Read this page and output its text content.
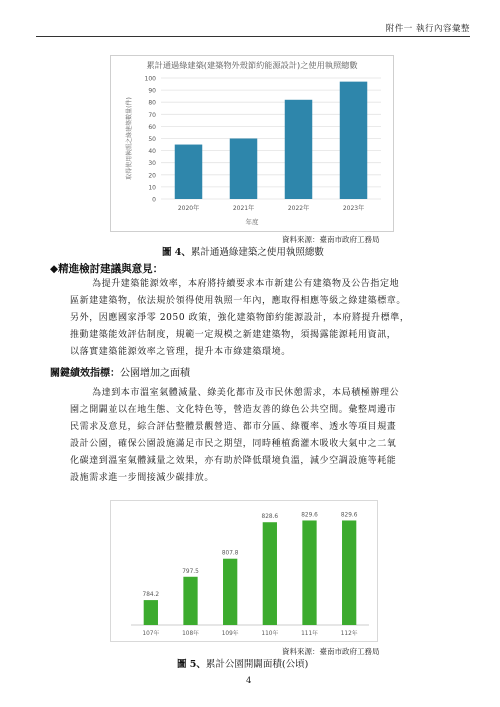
附件一 執行內容彙整
累計通過綠建築(建築物外殼節約能源設計)之使用執照總數
0
10
20
30
40
50
60
70
80
90
100
2020年	2021年	2022年	2023年
年度
取得使用執照之綠建築數量(件)
資料來源：臺南市政府工務局
圖 4、累計通過綠建築之使用執照總數
◆精進檢討建議與意見：
為提升建築能源效率，本府將持續要求本市新建公有建築物及公告指定地
區新建建築物，依法規於領得使用執照一年內，應取得相應等級之綠建築標章。
另外，因應國家淨零 2050 政策，強化建築物節約能源設計，本府將提升標準，
推動建築能效評估制度，規範一定規模之新建建築物，須揭露能源耗用資訊，
以落實建築能源效率之管理，提升本市綠建築環境。
關鍵績效指標：公園增加之面積
為達到本市溫室氣體減量、綠美化都市及市民休憩需求，本局積極辦理公
園之開闢並以在地生態、文化特色等，營造友善的綠色公共空間。彙整周邊市
民需求及意見，綜合評估整體景觀營造、都市分區、綠覆率、透水等項目規畫
設計公園，確保公園設施滿足市民之期望，同時種植喬灌木吸收大氣中之二氧
化碳達到溫室氣體減量之效果，亦有助於降低環境負溫，減少空調設施等耗能
設施需求進一步間接減少碳排放。
784.2
107年
797.5
108年
807.8
109年
828.6
110年
829.6
111年
829.6
112年
資料來源：臺南市政府工務局
圖 5、累計公園開闢面積(公頃)
4
